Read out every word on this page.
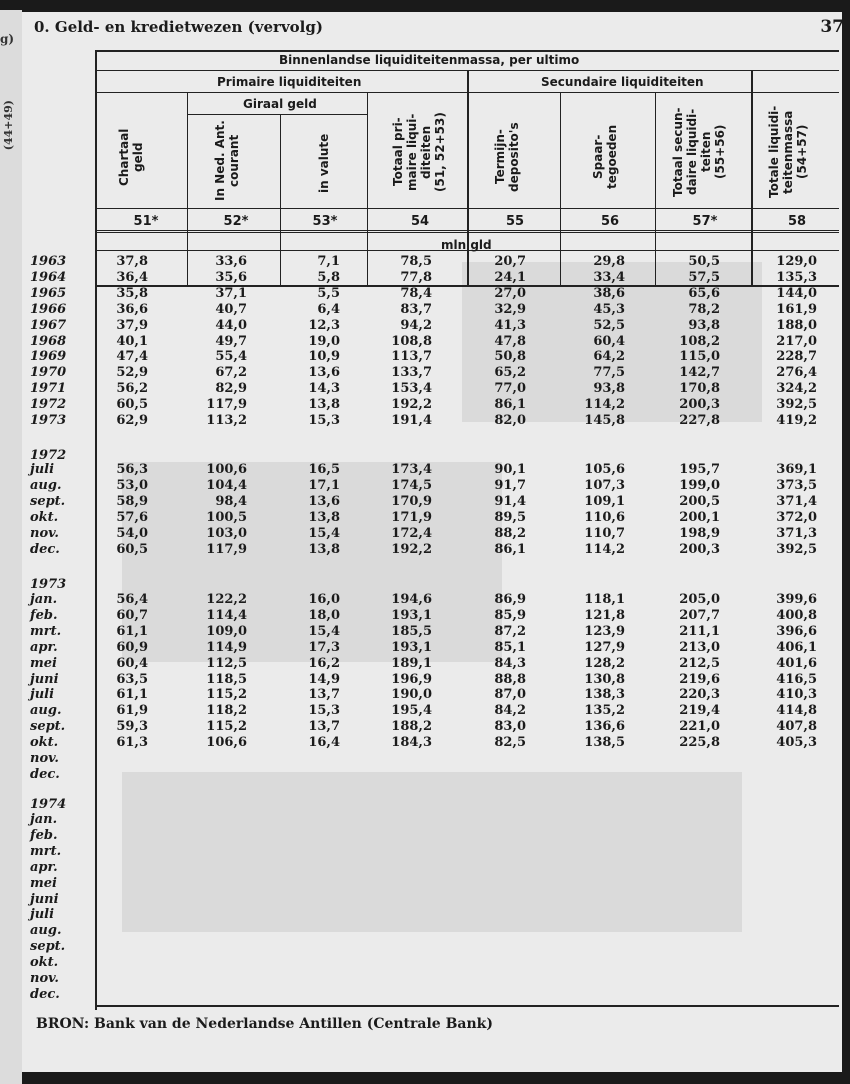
g)
(44+49)
0. Geld- en kredietwezen (vervolg)	37
Binnenlandse liquiditeitenmassa, per ultimo
Primaire liquiditeiten	Secundaire liquiditeiten
Giraal geld
mln gld
Chartaal
geld
In Ned. Ant.
courant	in valute	Totaal pri-
maire liqui-
diteiten
(51, 52+53)	Termijn-
deposito's	Spaar-
tegoeden	Totaal secun-
daire liquidi-
teiten
(55+56)	Totale liquidi-
teitenmassa
(54+57)
51*	52*	53*	54	55	56	57*	58
1963	37,8	33,6	7,1	78,5	20,7	29,8	50,5	129,0
1964	36,4	35,6	5,8	77,8	24,1	33,4	57,5	135,3
1965	35,8	37,1	5,5	78,4	27,0	38,6	65,6	144,0
1966	36,6	40,7	6,4	83,7	32,9	45,3	78,2	161,9
1967	37,9	44,0	12,3	94,2	41,3	52,5	93,8	188,0
1968	40,1	49,7	19,0	108,8	47,8	60,4	108,2	217,0
1969	47,4	55,4	10,9	113,7	50,8	64,2	115,0	228,7
1970	52,9	67,2	13,6	133,7	65,2	77,5	142,7	276,4
1971	56,2	82,9	14,3	153,4	77,0	93,8	170,8	324,2
1972	60,5	117,9	13,8	192,2	86,1	114,2	200,3	392,5
1973	62,9	113,2	15,3	191,4	82,0	145,8	227,8	419,2
1972
juli	56,3	100,6	16,5	173,4	90,1	105,6	195,7	369,1
aug.	53,0	104,4	17,1	174,5	91,7	107,3	199,0	373,5
sept.	58,9	98,4	13,6	170,9	91,4	109,1	200,5	371,4
okt.	57,6	100,5	13,8	171,9	89,5	110,6	200,1	372,0
nov.	54,0	103,0	15,4	172,4	88,2	110,7	198,9	371,3
dec.	60,5	117,9	13,8	192,2	86,1	114,2	200,3	392,5
1973
jan.	56,4	122,2	16,0	194,6	86,9	118,1	205,0	399,6
feb.	60,7	114,4	18,0	193,1	85,9	121,8	207,7	400,8
mrt.	61,1	109,0	15,4	185,5	87,2	123,9	211,1	396,6
apr.	60,9	114,9	17,3	193,1	85,1	127,9	213,0	406,1
mei	60,4	112,5	16,2	189,1	84,3	128,2	212,5	401,6
juni	63,5	118,5	14,9	196,9	88,8	130,8	219,6	416,5
juli	61,1	115,2	13,7	190,0	87,0	138,3	220,3	410,3
aug.	61,9	118,2	15,3	195,4	84,2	135,2	219,4	414,8
sept.	59,3	115,2	13,7	188,2	83,0	136,6	221,0	407,8
okt.	61,3	106,6	16,4	184,3	82,5	138,5	225,8	405,3
nov.
dec.
1974
jan.
feb.
mrt.
apr.
mei
juni
juli
aug.
sept.
okt.
nov.
dec.
BRON: Bank van de Nederlandse Antillen (Centrale Bank)
